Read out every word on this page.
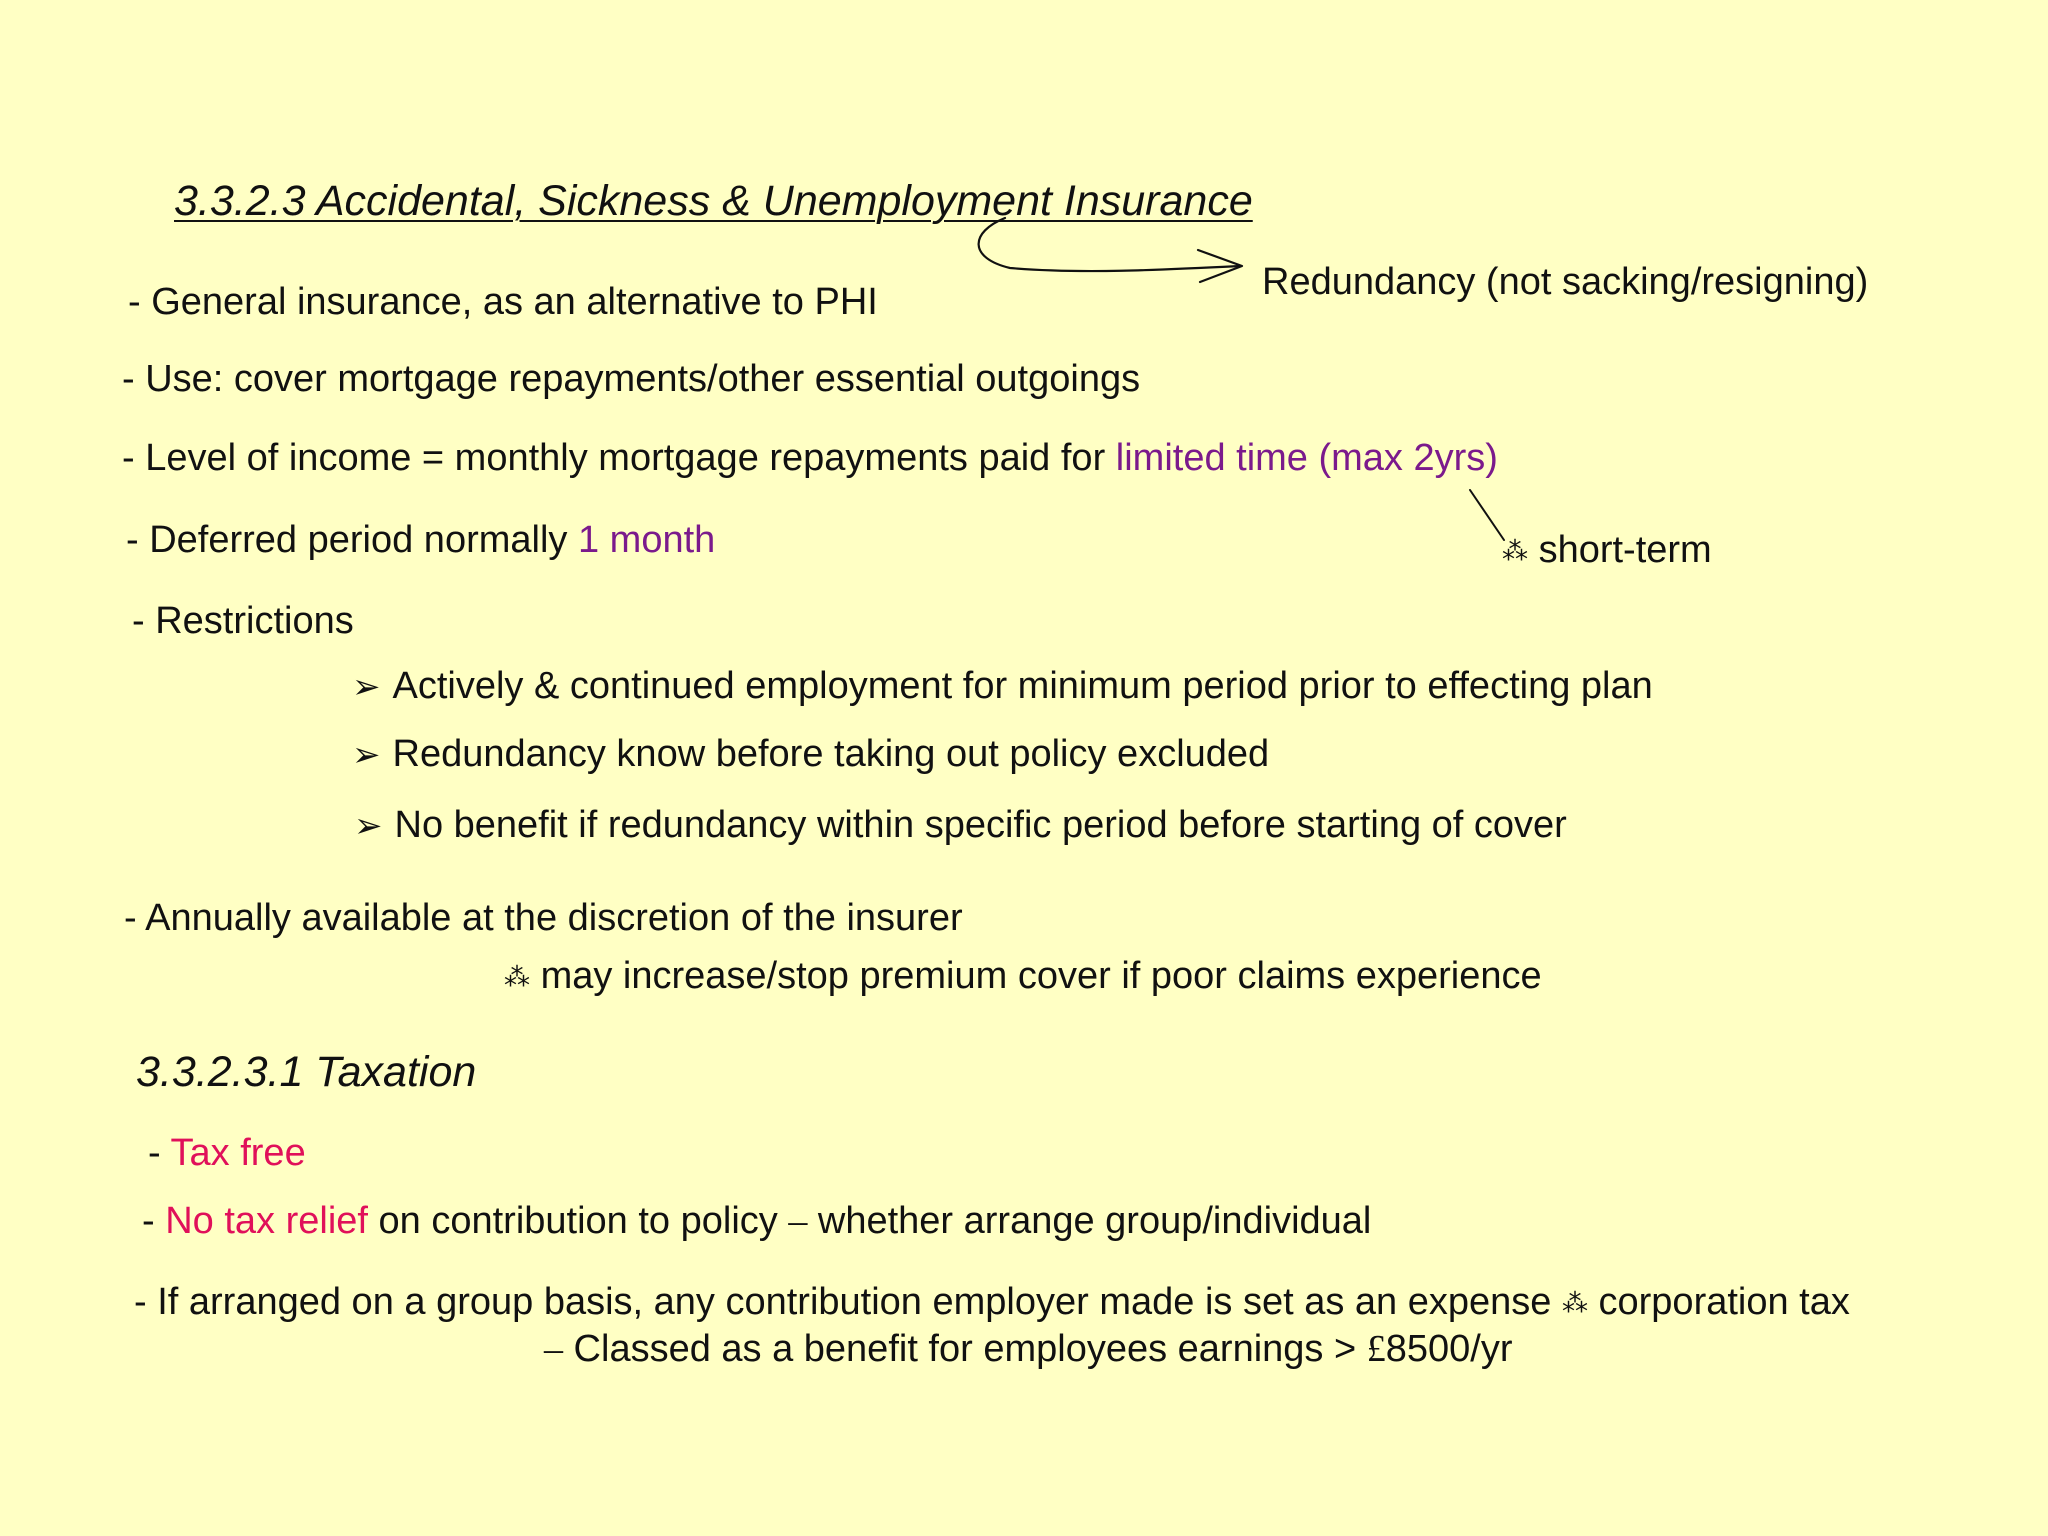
3.3.2.3 Accidental, Sickness & Unemployment Insurance
Redundancy (not sacking/resigning)
- General insurance, as an alternative to PHI
- Use: cover mortgage repayments/other essential outgoings
- Level of income = monthly mortgage repayments paid for limited time (max 2yrs)
- Deferred period normally 1 month	⁂ short-term
- Restrictions
➢ Actively & continued employment for minimum period prior to effecting plan
➢ Redundancy know before taking out policy excluded
➢ No benefit if redundancy within specific period before starting of cover
- Annually available at the discretion of the insurer
⁂ may increase/stop premium cover if poor claims experience
3.3.2.3.1 Taxation
- Tax free
- No tax relief on contribution to policy – whether arrange group/individual
- If arranged on a group basis, any contribution employer made is set as an expense ⁂ corporation tax
– Classed as a benefit for employees earnings > £8500/yr
